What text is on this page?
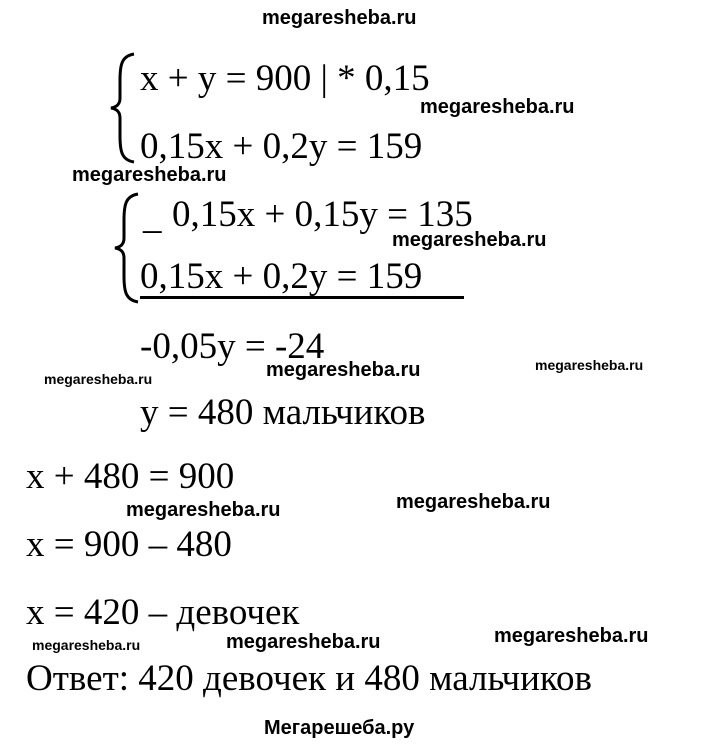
megaresheba.ru
x + y = 900 | * 0,15
megaresheba.ru
0,15x + 0,2y = 159
megaresheba.ru
_ 0,15x + 0,15y = 135
megaresheba.ru
0,15x + 0,2y = 159
-0,05y = -24
megaresheba.ru	megaresheba.ru	megaresheba.ru
y = 480 мальчиков
x + 480 = 900
megaresheba.ru	megaresheba.ru
x = 900 – 480
x = 420 – девочек
megaresheba.ru	megaresheba.ru	megaresheba.ru
Ответ: 420 девочек и 480 мальчиков
Мегарешеба.ру
